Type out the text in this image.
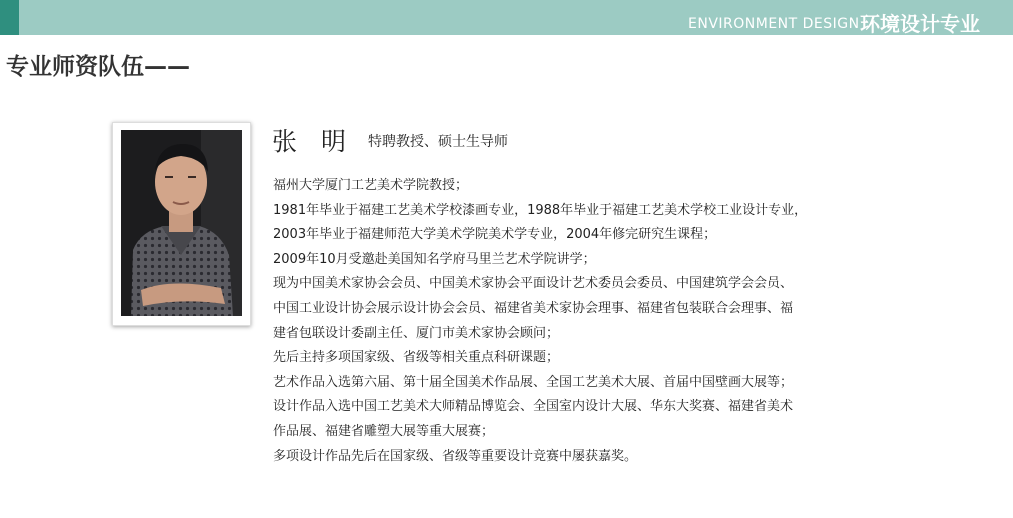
ENVIRONMENT DESIGN 环境设计专业
专业师资队伍——
张 明 特聘教授、硕士生导师
福州大学厦门工艺美术学院教授；
1981年毕业于福建工艺美术学校漆画专业，1988年毕业于福建工艺美术学校工业设计专业，
2003年毕业于福建师范大学美术学院美术学专业，2004年修完研究生课程；
2009年10月受邀赴美国知名学府马里兰艺术学院讲学；
现为中国美术家协会会员、中国美术家协会平面设计艺术委员会委员、中国建筑学会会员、
中国工业设计协会展示设计协会会员、福建省美术家协会理事、福建省包装联合会理事、福
建省包联设计委副主任、厦门市美术家协会顾问；
先后主持多项国家级、省级等相关重点科研课题；
艺术作品入选第六届、第十届全国美术作品展、全国工艺美术大展、首届中国壁画大展等；
设计作品入选中国工艺美术大师精品博览会、全国室内设计大展、华东大奖赛、福建省美术
作品展、福建省雕塑大展等重大展赛；
多项设计作品先后在国家级、省级等重要设计竞赛中屡获嘉奖。
